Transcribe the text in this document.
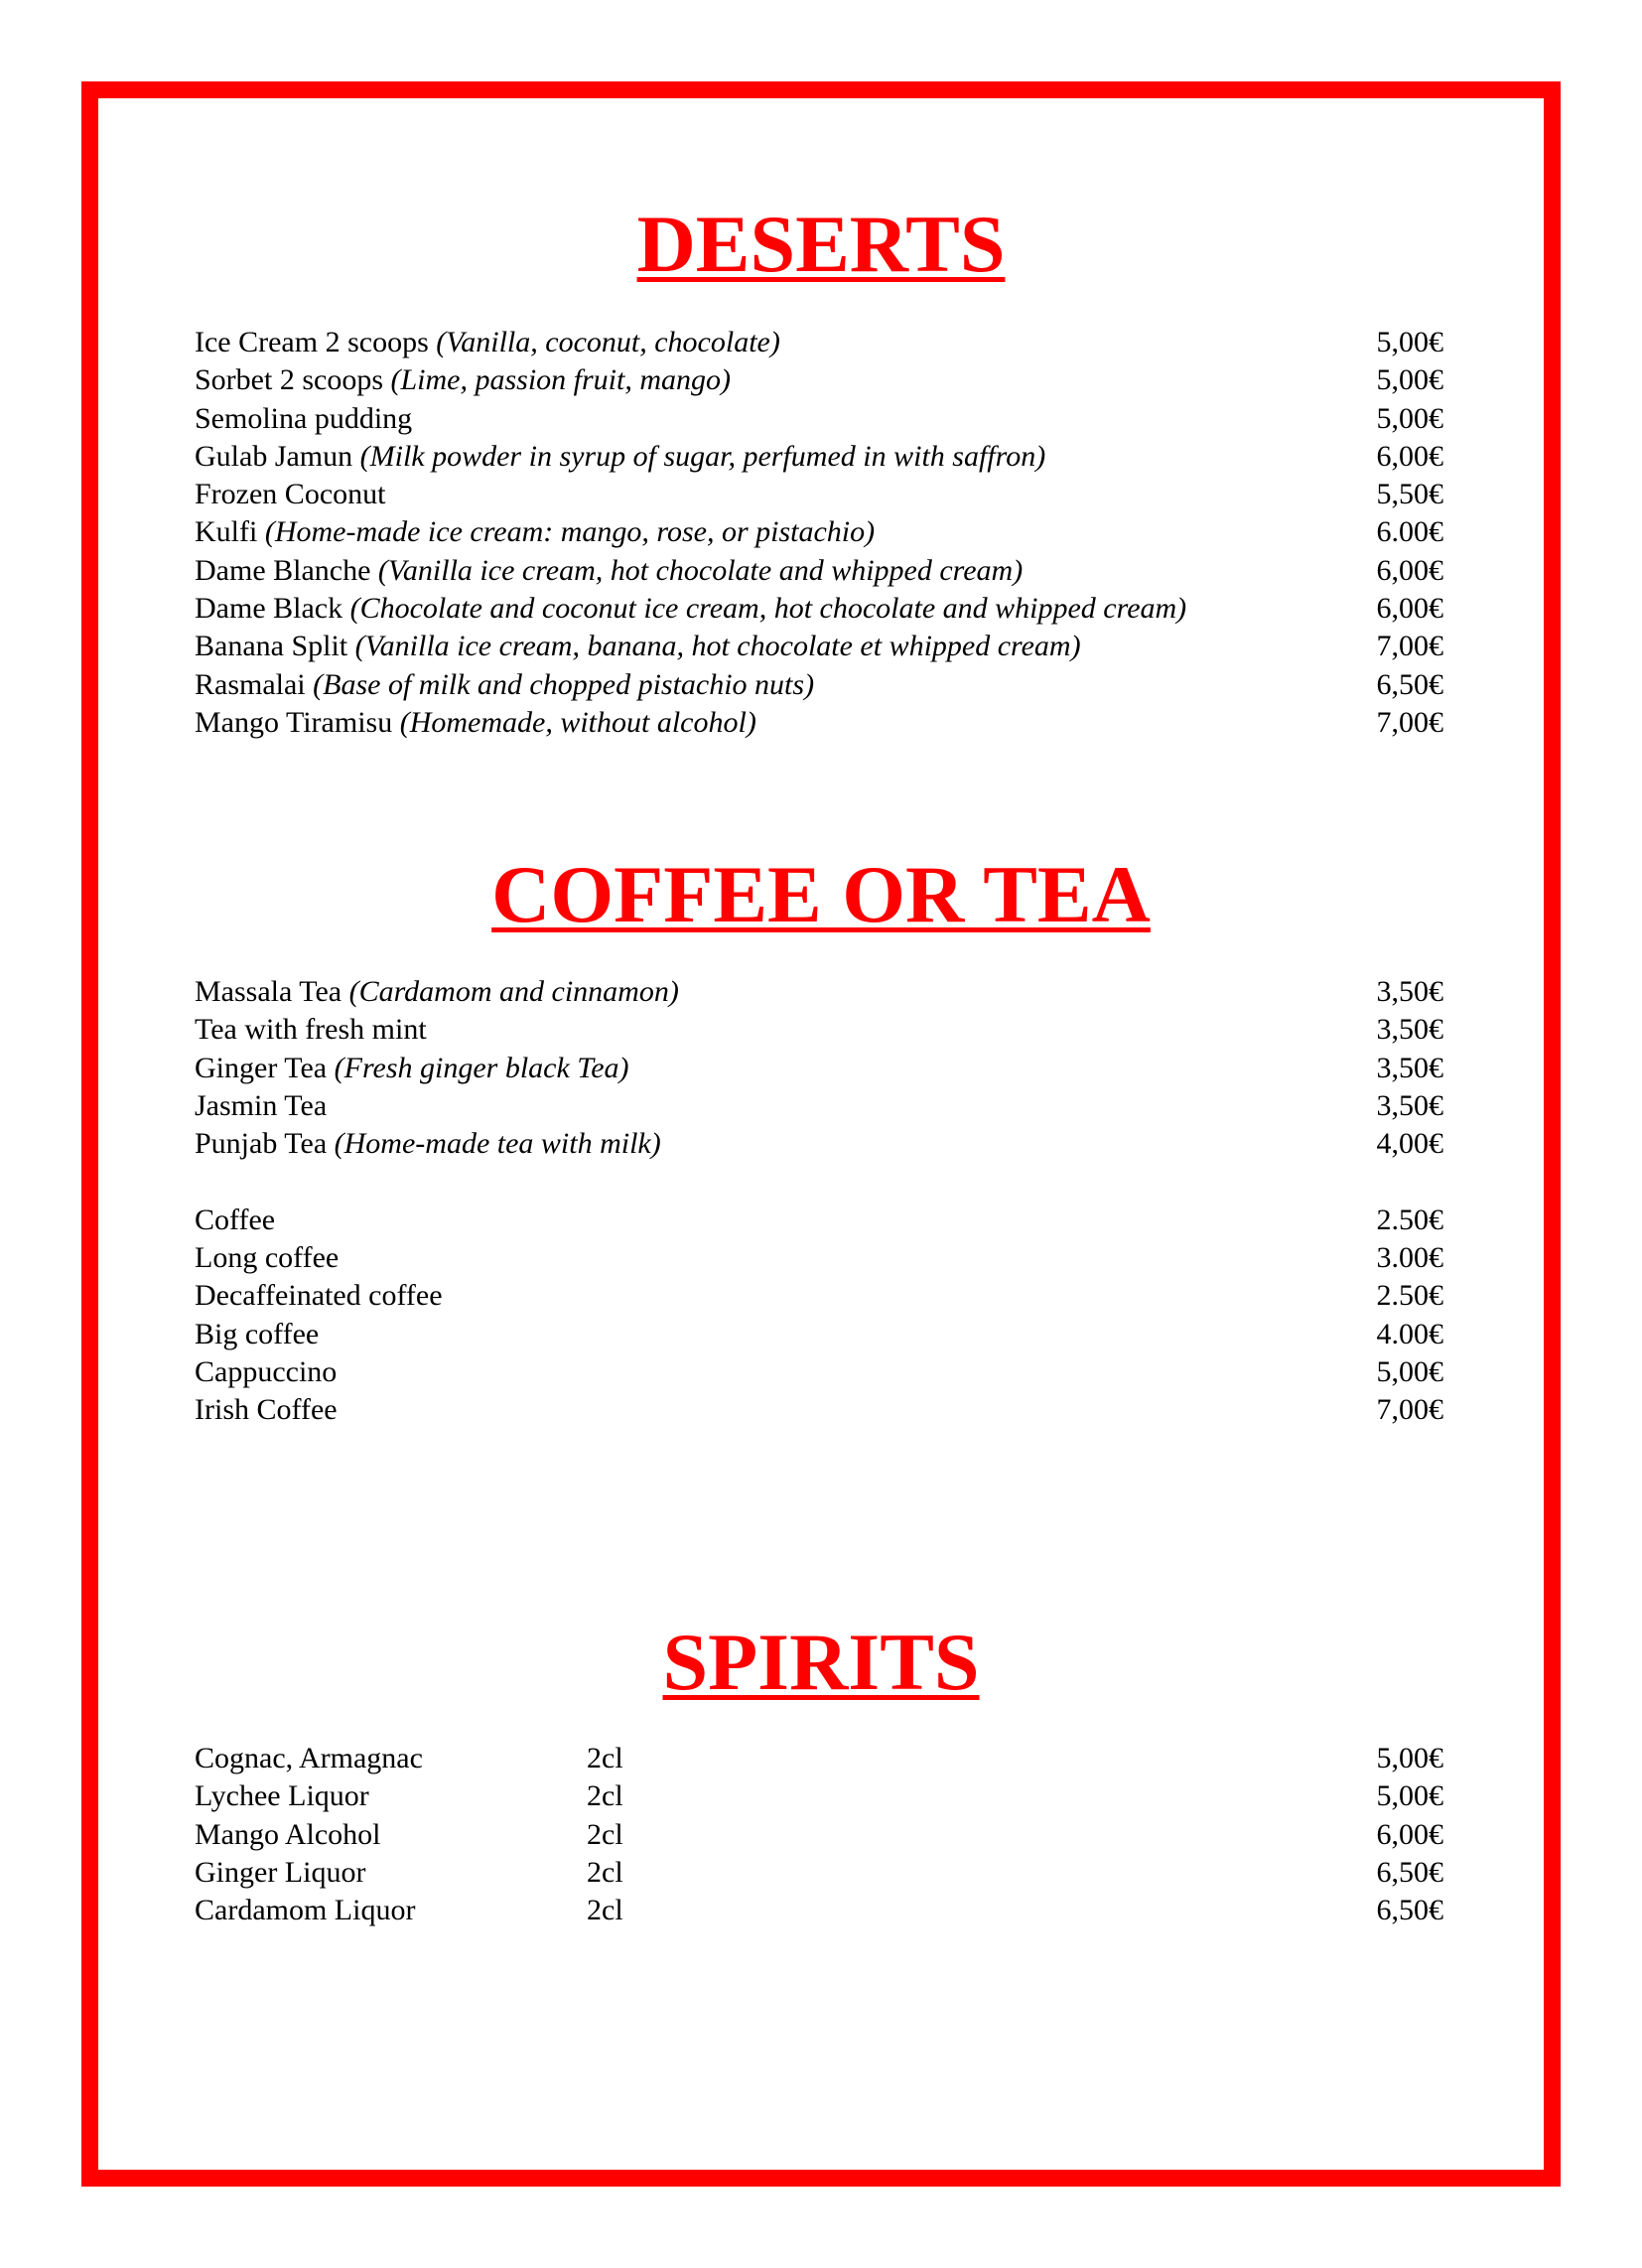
DESERTS
Ice Cream 2 scoops (Vanilla, coconut, chocolate)	5,00€
Sorbet 2 scoops (Lime, passion fruit, mango)	5,00€
Semolina pudding	5,00€
Gulab Jamun (Milk powder in syrup of sugar, perfumed in with saffron)	6,00€
Frozen Coconut	5,50€
Kulfi (Home-made ice cream: mango, rose, or pistachio)	6.00€
Dame Blanche (Vanilla ice cream, hot chocolate and whipped cream)	6,00€
Dame Black (Chocolate and coconut ice cream, hot chocolate and whipped cream)	6,00€
Banana Split (Vanilla ice cream, banana, hot chocolate et whipped cream)	7,00€
Rasmalai (Base of milk and chopped pistachio nuts)	6,50€
Mango Tiramisu (Homemade, without alcohol)	7,00€
COFFEE OR TEA
Massala Tea (Cardamom and cinnamon)	3,50€
Tea with fresh mint	3,50€
Ginger Tea (Fresh ginger black Tea)	3,50€
Jasmin Tea	3,50€
Punjab Tea (Home-made tea with milk)	4,00€
Coffee	2.50€
Long coffee	3.00€
Decaffeinated coffee	2.50€
Big coffee	4.00€
Cappuccino	5,00€
Irish Coffee	7,00€
SPIRITS
Cognac, Armagnac	2cl	5,00€
Lychee Liquor	2cl	5,00€
Mango Alcohol	2cl	6,00€
Ginger Liquor	2cl	6,50€
Cardamom Liquor	2cl	6,50€
